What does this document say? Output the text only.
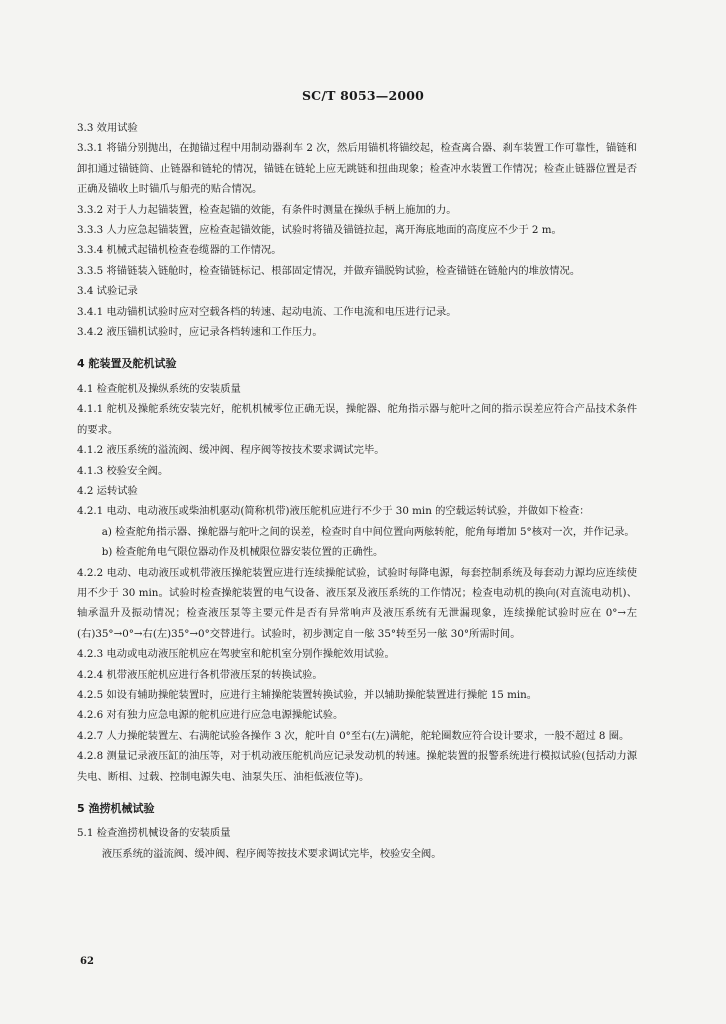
SC/T 8053—2000

3.3 效用试验

3.3.1 将锚分别抛出，在抛锚过程中用制动器刹车 2 次，然后用锚机将锚绞起，检查离合器、刹车装置工作可靠性，锚链和卸扣通过锚链筒、止链器和链轮的情况，锚链在链轮上应无跳链和扭曲现象；检查冲水装置工作情况；检查止链器位置是否正确及锚收上时锚爪与船壳的贴合情况。

3.3.2 对于人力起锚装置，检查起锚的效能，有条件时测量在操纵手柄上施加的力。

3.3.3 人力应急起锚装置，应检查起锚效能，试验时将锚及锚链拉起，离开海底地面的高度应不少于 2 m。

3.3.4 机械式起锚机检查卷缆器的工作情况。

3.3.5 将锚链装入链舱时，检查锚链标记、根部固定情况，并做弃锚脱钩试验，检查锚链在链舱内的堆放情况。

3.4 试验记录

3.4.1 电动锚机试验时应对空载各档的转速、起动电流、工作电流和电压进行记录。

3.4.2 液压锚机试验时，应记录各档转速和工作压力。

4 舵装置及舵机试验

4.1 检查舵机及操纵系统的安装质量

4.1.1 舵机及操舵系统安装完好，舵机机械零位正确无误，操舵器、舵角指示器与舵叶之间的指示误差应符合产品技术条件的要求。

4.1.2 液压系统的溢流阀、缓冲阀、程序阀等按技术要求调试完毕。

4.1.3 校验安全阀。

4.2 运转试验

4.2.1 电动、电动液压或柴油机驱动(简称机带)液压舵机应进行不少于 30 min 的空载运转试验，并做如下检查：

a) 检查舵角指示器、操舵器与舵叶之间的误差，检查时自中间位置向两舷转舵，舵角每增加 5°核对一次，并作记录。

b) 检查舵角电气限位器动作及机械限位器安装位置的正确性。

4.2.2 电动、电动液压或机带液压操舵装置应进行连续操舵试验，试验时每降电源，每套控制系统及每套动力源均应连续使用不少于 30 min。试验时检查操舵装置的电气设备、液压泵及液压系统的工作情况；检查电动机的换向(对直流电动机)、轴承温升及振动情况；检查液压泵等主要元件是否有异常响声及液压系统有无泄漏现象，连续操舵试验时应在 0°→左(右)35°→0°→右(左)35°→0°交替进行。试验时，初步测定自一舷 35°转至另一舷 30°所需时间。

4.2.3 电动或电动液压舵机应在驾驶室和舵机室分别作操舵效用试验。

4.2.4 机带液压舵机应进行各机带液压泵的转换试验。

4.2.5 如设有辅助操舵装置时，应进行主辅操舵装置转换试验，并以辅助操舵装置进行操舵 15 min。

4.2.6 对有独力应急电源的舵机应进行应急电源操舵试验。

4.2.7 人力操舵装置左、右满舵试验各操作 3 次，舵叶自 0°至右(左)满舵，舵轮圈数应符合设计要求，一般不超过 8 圈。

4.2.8 测量记录液压缸的油压等，对于机动液压舵机尚应记录发动机的转速。操舵装置的报警系统进行模拟试验(包括动力源失电、断相、过载、控制电源失电、油泵失压、油柜低液位等)。

5 渔捞机械试验

5.1 检查渔捞机械设备的安装质量

液压系统的溢流阀、缓冲阀、程序阀等按技术要求调试完毕，校验安全阀。

62
